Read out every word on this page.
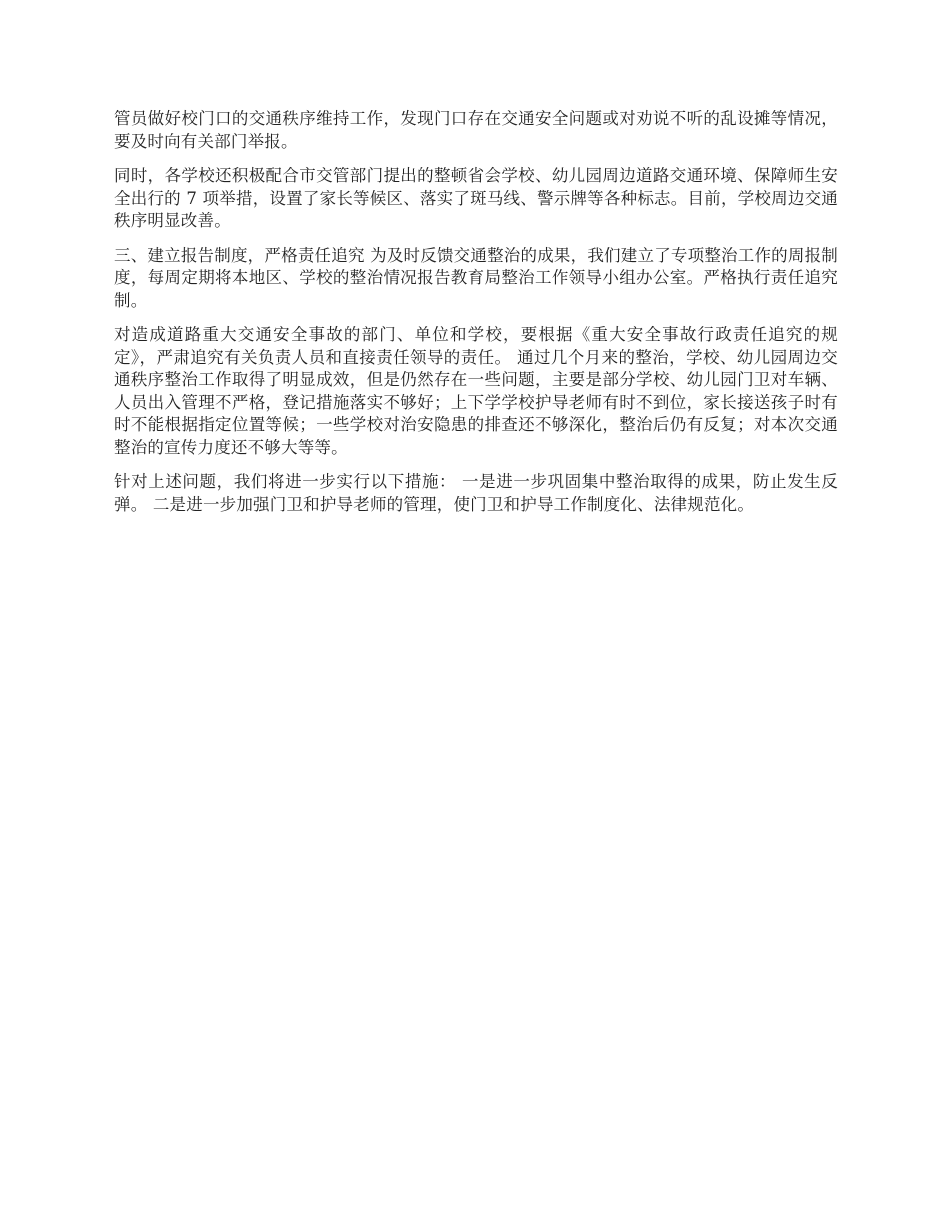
管员做好校门口的交通秩序维持工作，发现门口存在交通安全问题或对劝说不听的乱设摊等情况，要及时向有关部门举报。

同时，各学校还积极配合市交管部门提出的整顿省会学校、幼儿园周边道路交通环境、保障师生安全出行的 7 项举措，设置了家长等候区、落实了斑马线、警示牌等各种标志。目前，学校周边交通秩序明显改善。

三、建立报告制度，严格责任追究 为及时反馈交通整治的成果，我们建立了专项整治工作的周报制度，每周定期将本地区、学校的整治情况报告教育局整治工作领导小组办公室。严格执行责任追究制。

对造成道路重大交通安全事故的部门、单位和学校，要根据《重大安全事故行政责任追究的规定》，严肃追究有关负责人员和直接责任领导的责任。 通过几个月来的整治，学校、幼儿园周边交通秩序整治工作取得了明显成效，但是仍然存在一些问题，主要是部分学校、幼儿园门卫对车辆、人员出入管理不严格，登记措施落实不够好；上下学学校护导老师有时不到位，家长接送孩子时有时不能根据指定位置等候；一些学校对治安隐患的排查还不够深化，整治后仍有反复；对本次交通整治的宣传力度还不够大等等。

针对上述问题，我们将进一步实行以下措施： 一是进一步巩固集中整治取得的成果，防止发生反弹。 二是进一步加强门卫和护导老师的管理，使门卫和护导工作制度化、法律规范化。
